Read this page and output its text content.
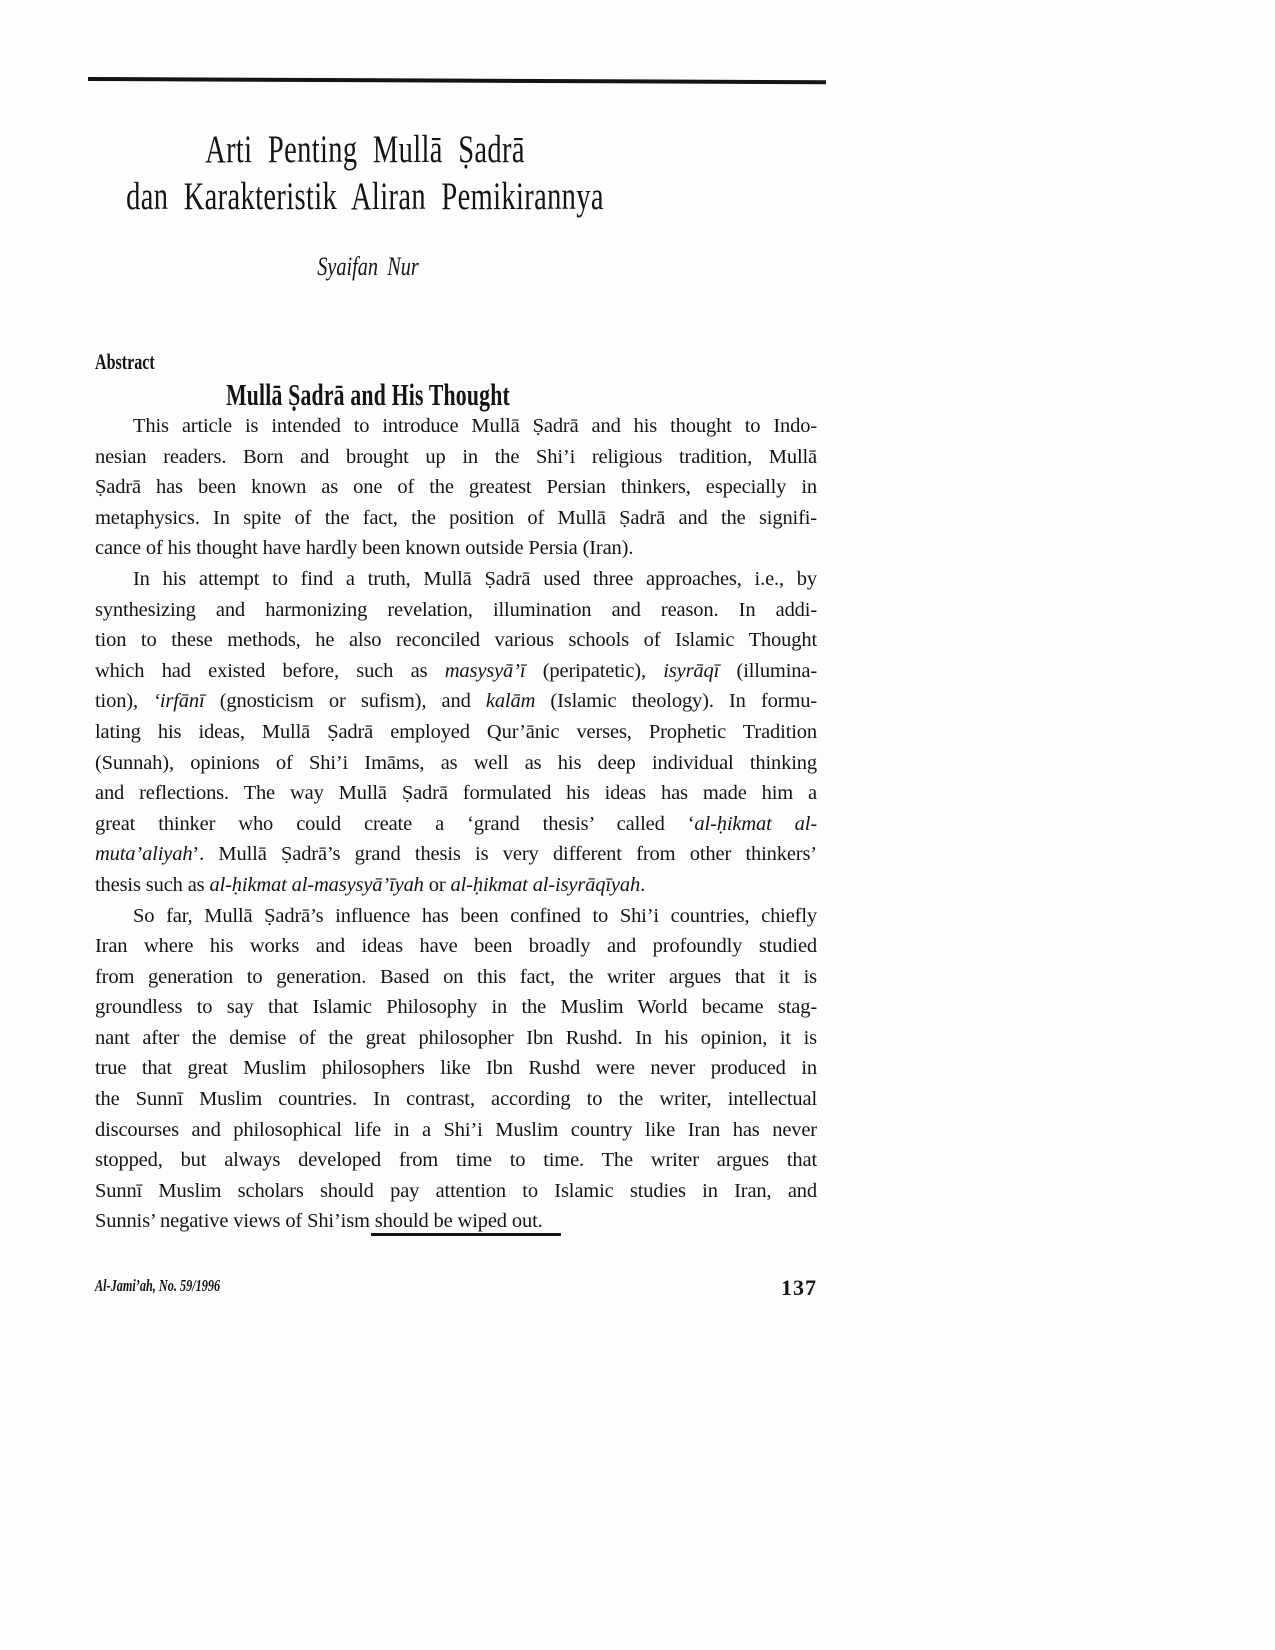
Arti Penting Mullā Ṣadrā
dan Karakteristik Aliran Pemikirannya
Syaifan Nur
Abstract
Mullā Ṣadrā and His Thought
This article is intended to introduce Mullā Ṣadrā and his thought to Indo-
nesian readers. Born and brought up in the Shi’i religious tradition, Mullā
Ṣadrā has been known as one of the greatest Persian thinkers, especially in
metaphysics. In spite of the fact, the position of Mullā Ṣadrā and the signifi-
cance of his thought have hardly been known outside Persia (Iran).
In his attempt to find a truth, Mullā Ṣadrā used three approaches, i.e., by
synthesizing and harmonizing revelation, illumination and reason. In addi-
tion to these methods, he also reconciled various schools of Islamic Thought
which had existed before, such as masysyā’ī (peripatetic), isyrāqī (illumina-
tion), ‘irfānī (gnosticism or sufism), and kalām (Islamic theology). In formu-
lating his ideas, Mullā Ṣadrā employed Qur’ānic verses, Prophetic Tradition
(Sunnah), opinions of Shi’i Imāms, as well as his deep individual thinking
and reflections. The way Mullā Ṣadrā formulated his ideas has made him a
great thinker who could create a ‘grand thesis’ called ‘al-ḥikmat al-
muta’aliyah’. Mullā Ṣadrā’s grand thesis is very different from other thinkers’
thesis such as al-ḥikmat al-masysyā’īyah or al-ḥikmat al-isyrāqīyah.
So far, Mullā Ṣadrā’s influence has been confined to Shi’i countries, chiefly
Iran where his works and ideas have been broadly and profoundly studied
from generation to generation. Based on this fact, the writer argues that it is
groundless to say that Islamic Philosophy in the Muslim World became stag-
nant after the demise of the great philosopher Ibn Rushd. In his opinion, it is
true that great Muslim philosophers like Ibn Rushd were never produced in
the Sunnī Muslim countries. In contrast, according to the writer, intellectual
discourses and philosophical life in a Shi’i Muslim country like Iran has never
stopped, but always developed from time to time. The writer argues that
Sunnī Muslim scholars should pay attention to Islamic studies in Iran, and
Sunnis’ negative views of Shi’ism should be wiped out.
Al-Jami’ah, No. 59/1996	137
